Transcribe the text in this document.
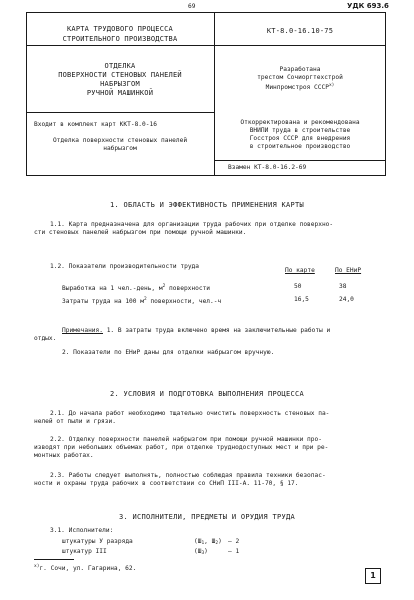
69	УДК 693.6
КАРТА ТРУДОВОГО ПРОЦЕССА
СТРОИТЕЛЬНОГО ПРОИЗВОДСТВА
КТ-8.0-16.10-75
ОТДЕЛКА
ПОВЕРХНОСТИ СТЕНОВЫХ ПАНЕЛЕЙ
НАБРЫЗГОМ
РУЧНОЙ МАШИНКОЙ
Разработана
трестом Сочиоргтехстрой
Минпромстроя СССР$^{x)}$
Входит в комплект карт ККТ-8.0-16
Отделка поверхности стеновых панелей
набрызгом
Откорректирована и рекомендована
ВНИПИ труда в строительстве
Госстроя СССР для внедрения
в строительное производство
Взамен КТ-8.0-16.2-69
1. ОБЛАСТЬ И ЭФФЕКТИВНОСТЬ ПРИМЕНЕНИЯ КАРТЫ
1.1. Карта предназначена для организации труда рабочих при отделке поверхно-
сти стеновых панелей набрызгом при помощи ручной машинки.
1.2. Показатели производительности труда
По карте	По ЕНиР
Выработка на 1 чел.-день, $м^2$ поверхности	50	38
Затраты труда на 100 $м^2$ поверхности, чел.-ч	16,5	24,0
Примечания. 1. В затраты труда включено время на заключительные работы и
отдых.
2. Показатели по ЕНиР даны для отделки набрызгом вручную.
2. УСЛОВИЯ И ПОДГОТОВКА ВЫПОЛНЕНИЯ ПРОЦЕССА
2.1. До начала работ необходимо тщательно очистить поверхность стеновых па-
нелей от пыли и грязи.
2.2. Отделку поверхности панелей набрызгом при помощи ручной машинки про-
изводят при небольших объемах работ, при отделке труднодоступных мест и при ре-
монтных работах.
2.3. Работы следует выполнять, полностью соблюдая правила техники безопас-
ности и охраны труда рабочих в соответствии со СНиП III-А. 11-70, § 17.
3. ИСПОЛНИТЕЛИ, ПРЕДМЕТЫ И ОРУДИЯ ТРУДА
3.1. Исполнители:
штукатуры У разряда	($Ш_1$, $Ш_2) - 2$
штукатур III	$(Ш_3)$	– 1
$^{x)}$г. Сочи, ул. Гагарина, 62.
1
